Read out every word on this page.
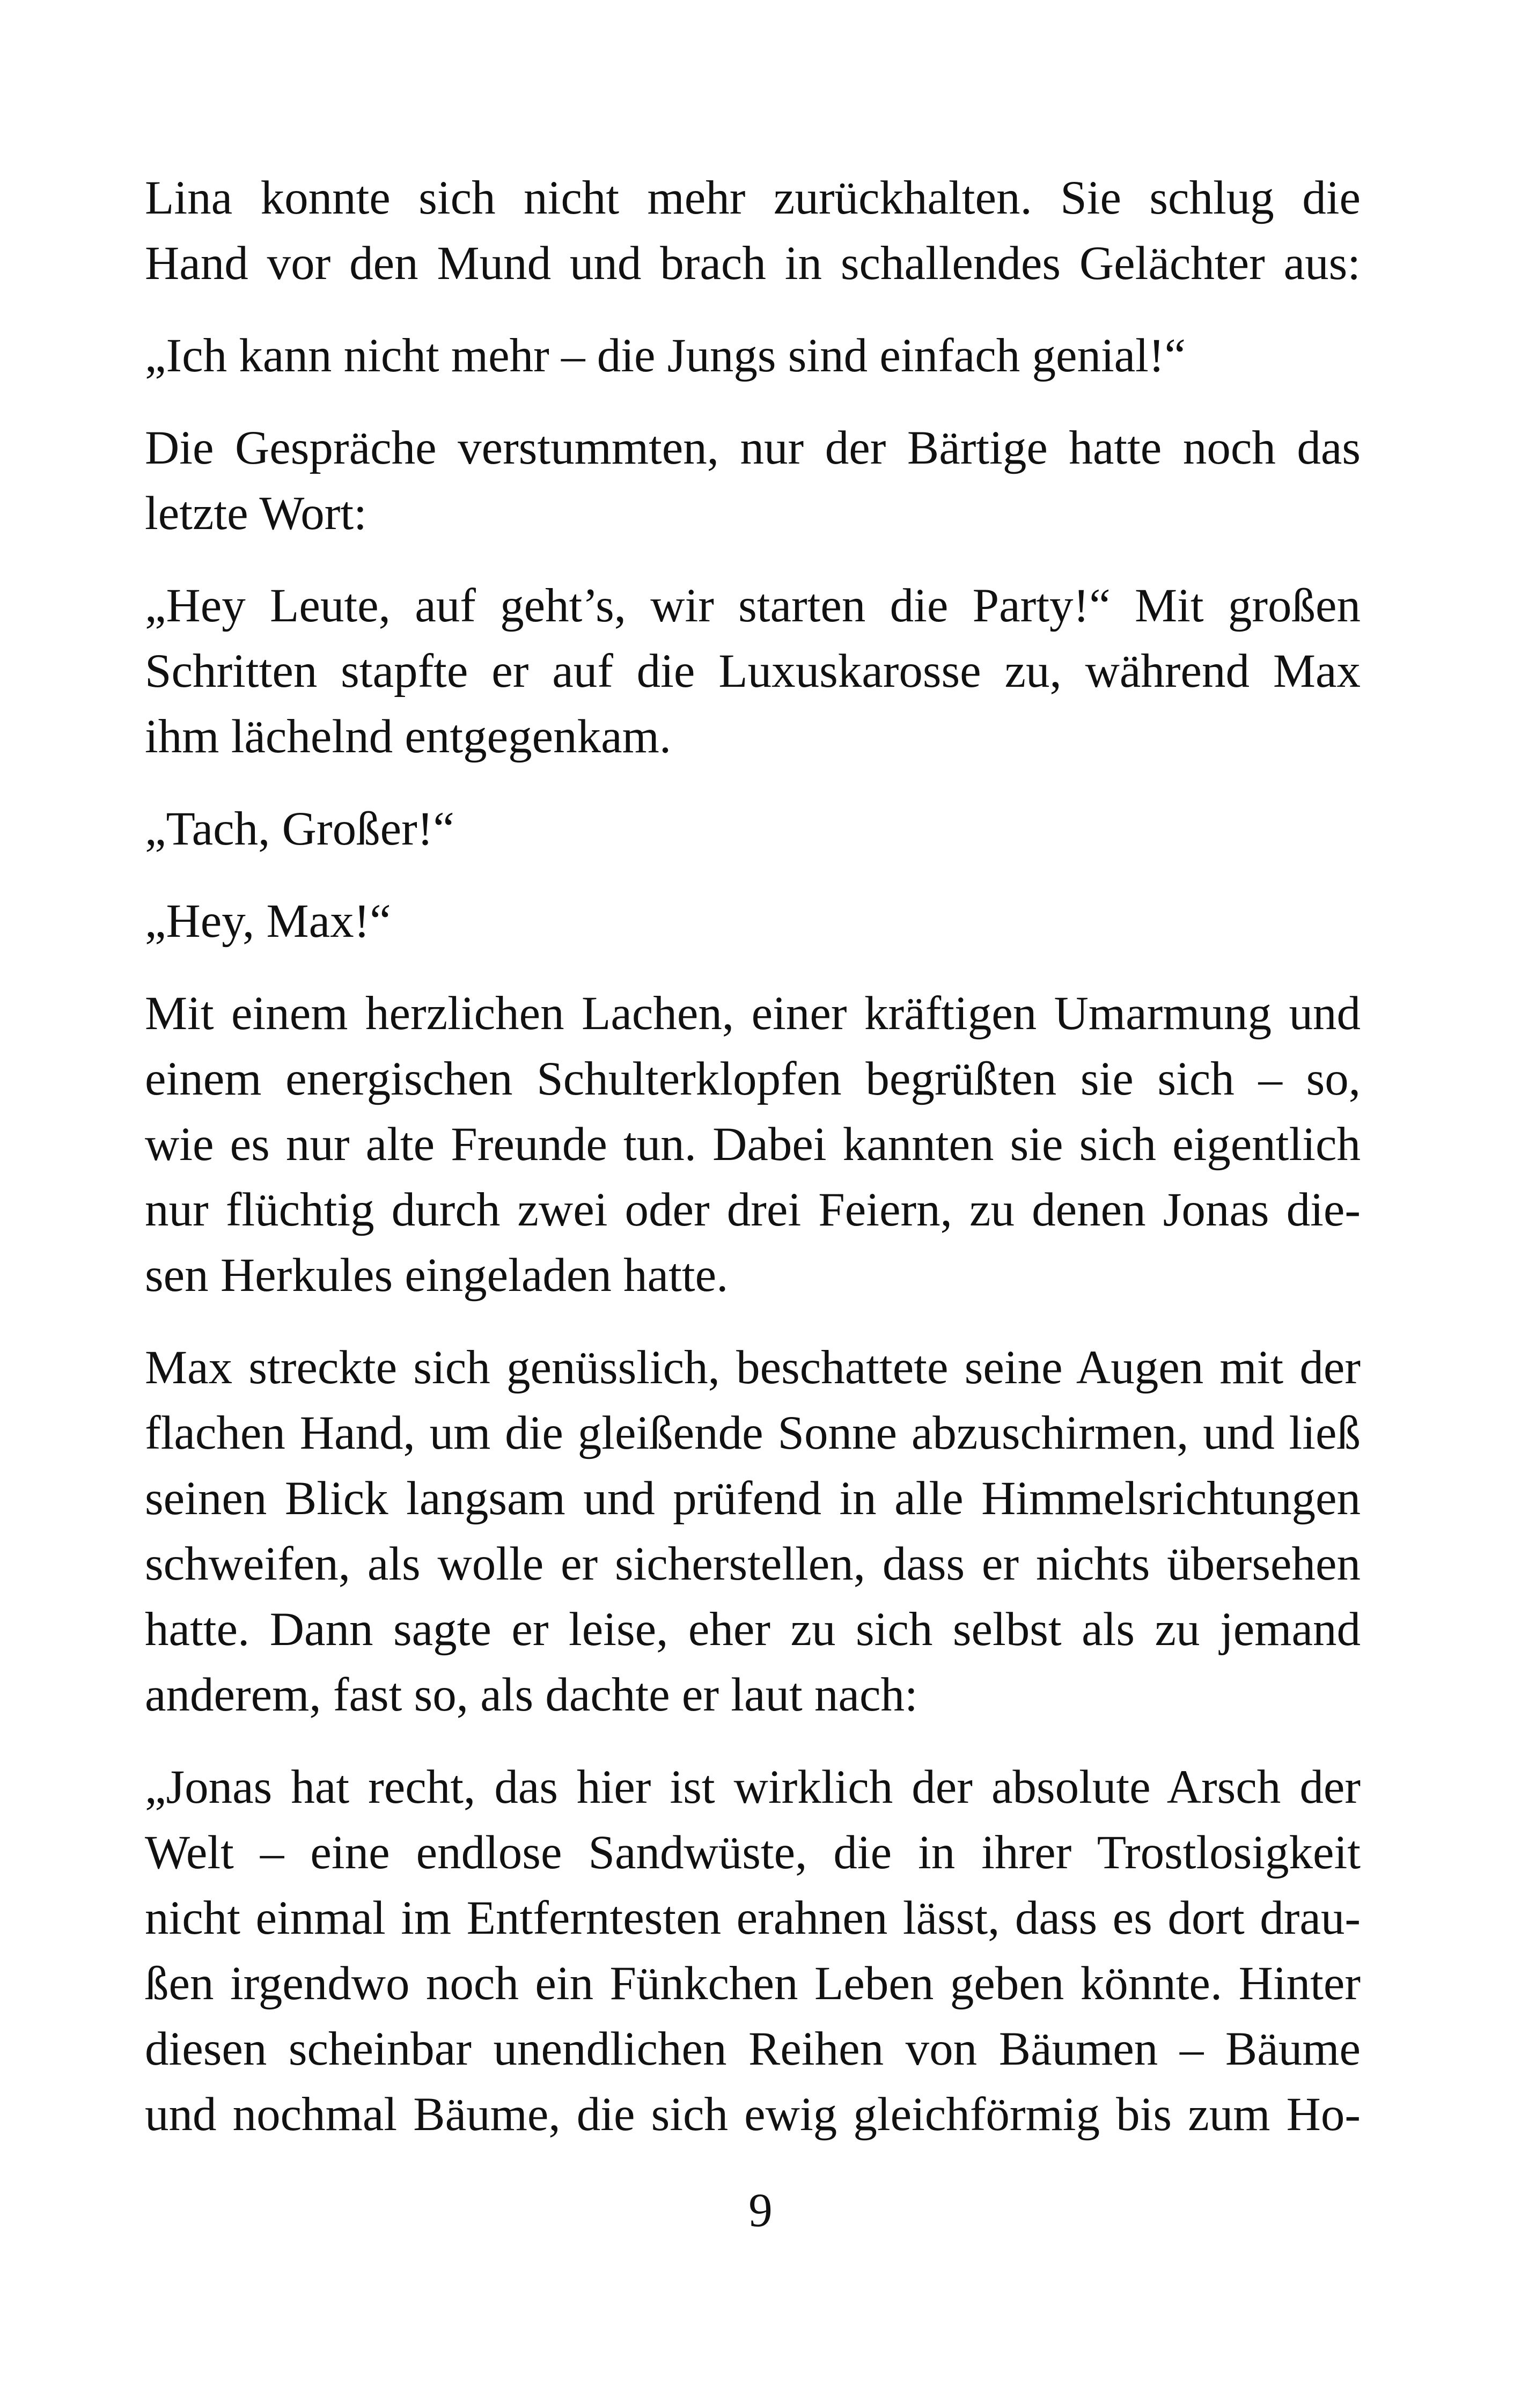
Lina konnte sich nicht mehr zurückhalten. Sie schlug die
Hand vor den Mund und brach in schallendes Gelächter aus:

„Ich kann nicht mehr – die Jungs sind einfach genial!“

Die Gespräche verstummten, nur der Bärtige hatte noch das
letzte Wort:

„Hey Leute, auf geht’s, wir starten die Party!“ Mit großen
Schritten stapfte er auf die Luxuskarosse zu, während Max
ihm lächelnd entgegenkam.

„Tach, Großer!“

„Hey, Max!“

Mit einem herzlichen Lachen, einer kräftigen Umarmung und
einem energischen Schulterklopfen begrüßten sie sich – so,
wie es nur alte Freunde tun. Dabei kannten sie sich eigentlich
nur flüchtig durch zwei oder drei Feiern, zu denen Jonas die-
sen Herkules eingeladen hatte.

Max streckte sich genüsslich, beschattete seine Augen mit der
flachen Hand, um die gleißende Sonne abzuschirmen, und ließ
seinen Blick langsam und prüfend in alle Himmelsrichtungen
schweifen, als wolle er sicherstellen, dass er nichts übersehen
hatte. Dann sagte er leise, eher zu sich selbst als zu jemand
anderem, fast so, als dachte er laut nach:

„Jonas hat recht, das hier ist wirklich der absolute Arsch der
Welt – eine endlose Sandwüste, die in ihrer Trostlosigkeit
nicht einmal im Entferntesten erahnen lässt, dass es dort drau-
ßen irgendwo noch ein Fünkchen Leben geben könnte. Hinter
diesen scheinbar unendlichen Reihen von Bäumen – Bäume
und nochmal Bäume, die sich ewig gleichförmig bis zum Ho-

9
